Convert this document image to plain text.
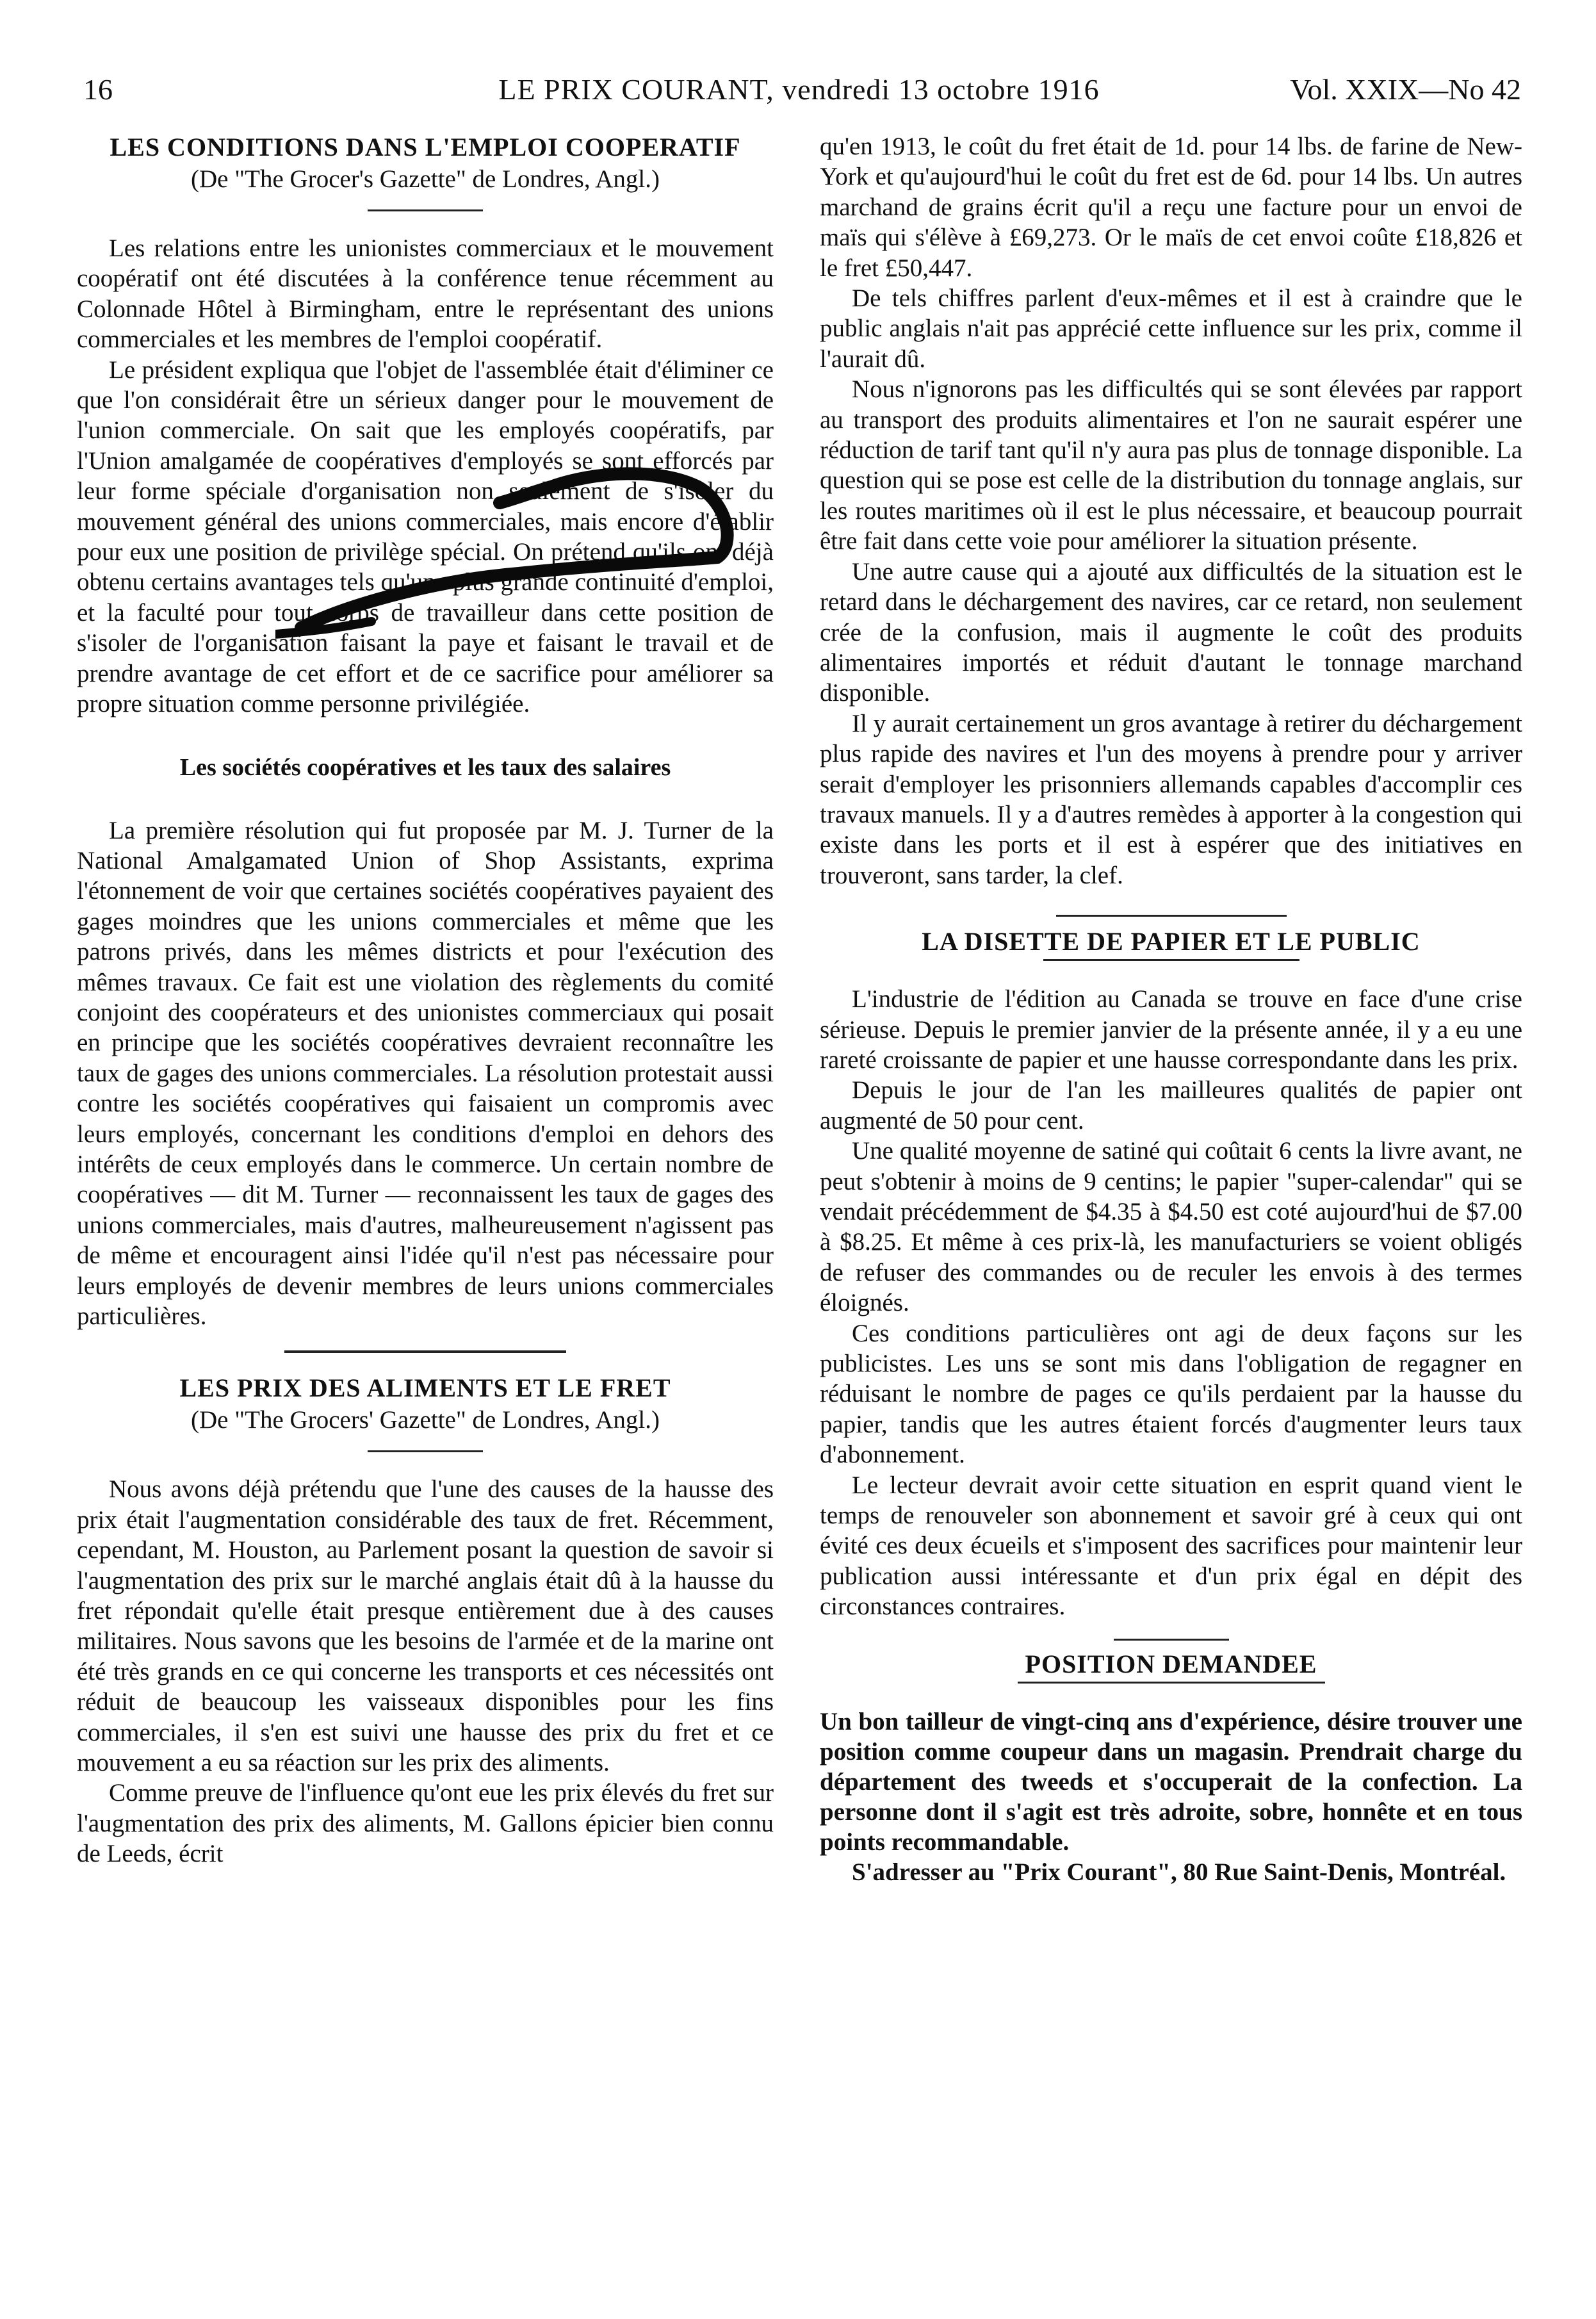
16	LE PRIX COURANT, vendredi 13 octobre 1916	Vol. XXIX—No 42
LES CONDITIONS DANS L'EMPLOI COOPERATIF
(De "The Grocer's Gazette" de Londres, Angl.)

Les relations entre les unionistes commerciaux et le mouvement coopératif ont été discutées à la conférence tenue récemment au Colonnade Hôtel à Birmingham, entre le représentant des unions commerciales et les membres de l'emploi coopératif.

Le président expliqua que l'objet de l'assemblée était d'éliminer ce que l'on considérait être un sérieux danger pour le mouvement de l'union commerciale. On sait que les employés coopératifs, par l'Union amalgamée de coopératives d'employés se sont efforcés par leur forme spéciale d'organisation non seulement de s'isoler du mouvement général des unions commerciales, mais encore d'établir pour eux une position de privilège spécial. On prétend qu'ils ont déjà obtenu certains avantages tels qu'une plus grande continuité d'emploi, et la faculté pour tout corps de travailleur dans cette position de s'isoler de l'organisation faisant la paye et faisant le travail et de prendre avantage de cet effort et de ce sacrifice pour améliorer sa propre situation comme personne privilégiée.

Les sociétés coopératives et les taux des salaires

La première résolution qui fut proposée par M. J. Turner de la National Amalgamated Union of Shop Assistants, exprima l'étonnement de voir que certaines sociétés coopératives payaient des gages moindres que les unions commerciales et même que les patrons privés, dans les mêmes districts et pour l'exécution des mêmes travaux. Ce fait est une violation des règlements du comité conjoint des coopérateurs et des unionistes commerciaux qui posait en principe que les sociétés coopératives devraient reconnaître les taux de gages des unions commerciales. La résolution protestait aussi contre les sociétés coopératives qui faisaient un compromis avec leurs employés, concernant les conditions d'emploi en dehors des intérêts de ceux employés dans le commerce. Un certain nombre de coopératives — dit M. Turner — reconnaissent les taux de gages des unions commerciales, mais d'autres, malheureusement n'agissent pas de même et encouragent ainsi l'idée qu'il n'est pas nécessaire pour leurs employés de devenir membres de leurs unions commerciales particulières.

LES PRIX DES ALIMENTS ET LE FRET
(De "The Grocers' Gazette" de Londres, Angl.)

Nous avons déjà prétendu que l'une des causes de la hausse des prix était l'augmentation considérable des taux de fret. Récemment, cependant, M. Houston, au Parlement posant la question de savoir si l'augmentation des prix sur le marché anglais était dû à la hausse du fret répondait qu'elle était presque entièrement due à des causes militaires. Nous savons que les besoins de l'armée et de la marine ont été très grands en ce qui concerne les transports et ces nécessités ont réduit de beaucoup les vaisseaux disponibles pour les fins commerciales, il s'en est suivi une hausse des prix du fret et ce mouvement a eu sa réaction sur les prix des aliments.

Comme preuve de l'influence qu'ont eue les prix élevés du fret sur l'augmentation des prix des aliments, M. Gallons épicier bien connu de Leeds, écrit

qu'en 1913, le coût du fret était de 1d. pour 14 lbs. de farine de New-York et qu'aujourd'hui le coût du fret est de 6d. pour 14 lbs. Un autres marchand de grains écrit qu'il a reçu une facture pour un envoi de maïs qui s'élève à £69,273. Or le maïs de cet envoi coûte £18,826 et le fret £50,447.

De tels chiffres parlent d'eux-mêmes et il est à craindre que le public anglais n'ait pas apprécié cette influence sur les prix, comme il l'aurait dû.

Nous n'ignorons pas les difficultés qui se sont élevées par rapport au transport des produits alimentaires et l'on ne saurait espérer une réduction de tarif tant qu'il n'y aura pas plus de tonnage disponible. La question qui se pose est celle de la distribution du tonnage anglais, sur les routes maritimes où il est le plus nécessaire, et beaucoup pourrait être fait dans cette voie pour améliorer la situation présente.

Une autre cause qui a ajouté aux difficultés de la situation est le retard dans le déchargement des navires, car ce retard, non seulement crée de la confusion, mais il augmente le coût des produits alimentaires importés et réduit d'autant le tonnage marchand disponible.

Il y aurait certainement un gros avantage à retirer du déchargement plus rapide des navires et l'un des moyens à prendre pour y arriver serait d'employer les prisonniers allemands capables d'accomplir ces travaux manuels. Il y a d'autres remèdes à apporter à la congestion qui existe dans les ports et il est à espérer que des initiatives en trouveront, sans tarder, la clef.

LA DISETTE DE PAPIER ET LE PUBLIC

L'industrie de l'édition au Canada se trouve en face d'une crise sérieuse. Depuis le premier janvier de la présente année, il y a eu une rareté croissante de papier et une hausse correspondante dans les prix.

Depuis le jour de l'an les mailleures qualités de papier ont augmenté de 50 pour cent.

Une qualité moyenne de satiné qui coûtait 6 cents la livre avant, ne peut s'obtenir à moins de 9 centins; le papier "super-calendar" qui se vendait précédemment de $4.35 à $4.50 est coté aujourd'hui de $7.00 à $8.25. Et même à ces prix-là, les manufacturiers se voient obligés de refuser des commandes ou de reculer les envois à des termes éloignés.

Ces conditions particulières ont agi de deux façons sur les publicistes. Les uns se sont mis dans l'obligation de regagner en réduisant le nombre de pages ce qu'ils perdaient par la hausse du papier, tandis que les autres étaient forcés d'augmenter leurs taux d'abonnement.

Le lecteur devrait avoir cette situation en esprit quand vient le temps de renouveler son abonnement et savoir gré à ceux qui ont évité ces deux écueils et s'imposent des sacrifices pour maintenir leur publication aussi intéressante et d'un prix égal en dépit des circonstances contraires.

POSITION DEMANDEE

Un bon tailleur de vingt-cinq ans d'expérience, désire trouver une position comme coupeur dans un magasin. Prendrait charge du département des tweeds et s'occuperait de la confection. La personne dont il s'agit est très adroite, sobre, honnête et en tous points recommandable.

S'adresser au "Prix Courant", 80 Rue Saint-Denis, Montréal.
